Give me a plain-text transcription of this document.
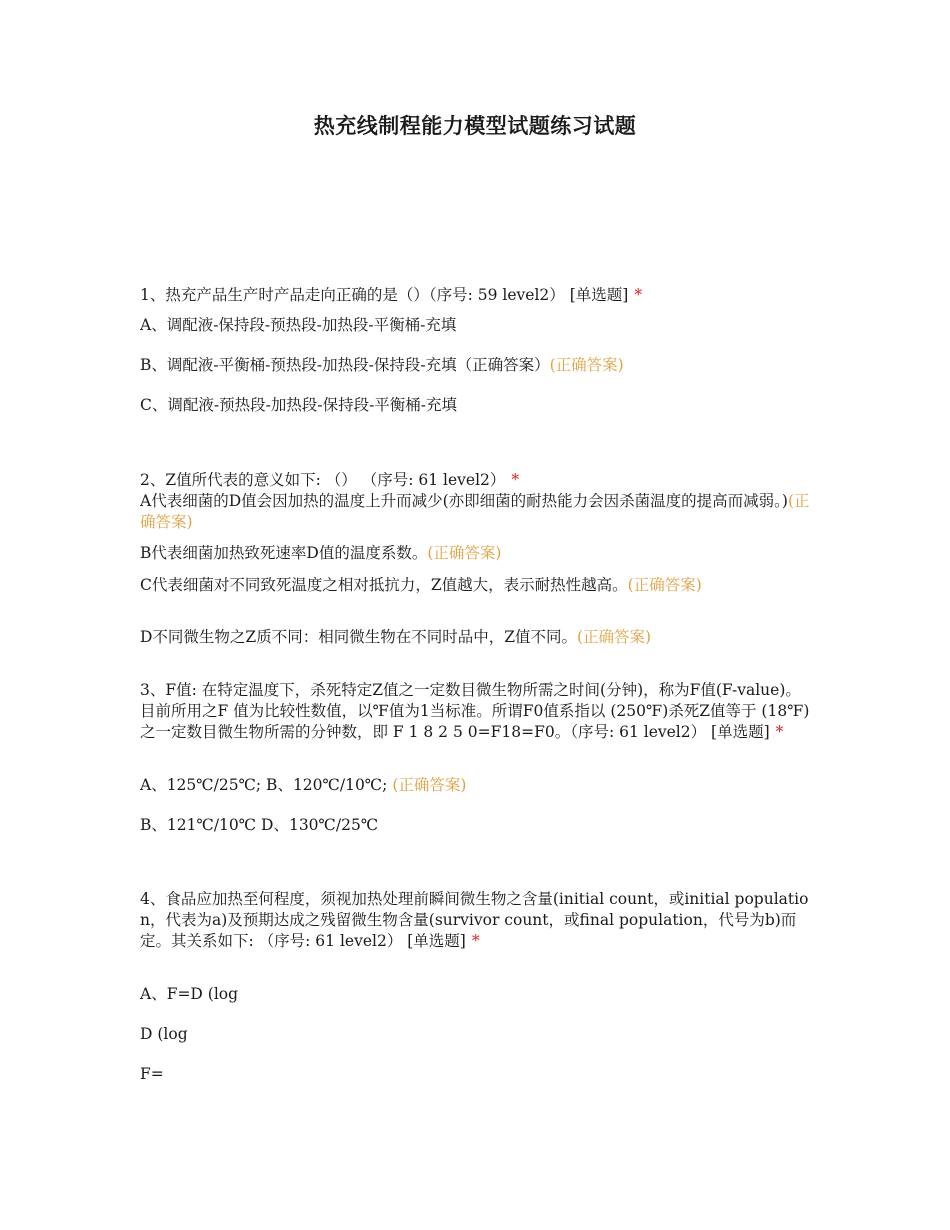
热充线制程能力模型试题练习试题
1、热充产品生产时产品走向正确的是（）（序号: 59 level2） [单选题] *
A、调配液-保持段-预热段-加热段-平衡桶-充填
B、调配液-平衡桶-预热段-加热段-保持段-充填（正确答案）(正确答案)
C、调配液-预热段-加热段-保持段-平衡桶-充填
2、Z值所代表的意义如下: （） （序号: 61 level2） *
A代表细菌的D值会因加热的温度上升而减少(亦即细菌的耐热能力会因杀菌温度的提高而减弱。)(正确答案)
B代表细菌加热致死速率D值的温度系数。(正确答案)
C代表细菌对不同致死温度之相对抵抗力，Z值越大，表示耐热性越高。(正确答案)
D不同微生物之Z质不同：相同微生物在不同时品中，Z值不同。(正确答案)
3、F值: 在特定温度下，杀死特定Z值之一定数目微生物所需之时间(分钟)，称为F值(F-value)。目前所用之F 值为比较性数值，以℉值为1当标准。所谓F0值系指以 (250℉)杀死Z值等于 (18℉)之一定数目微生物所需的分钟数，即 F 1 8 2 5 0=F18=F0。（序号: 61 level2） [单选题] *
A、125℃/25℃; B、120℃/10℃; (正确答案)
B、121℃/10℃ D、130℃/25℃
4、食品应加热至何程度，须视加热处理前瞬间微生物之含量(initial count，或initial population，代表为a)及预期达成之残留微生物含量(survivor count，或final population，代号为b)而定。其关系如下: （序号: 61 level2） [单选题] *
A、F=D (log
D (log
F=
